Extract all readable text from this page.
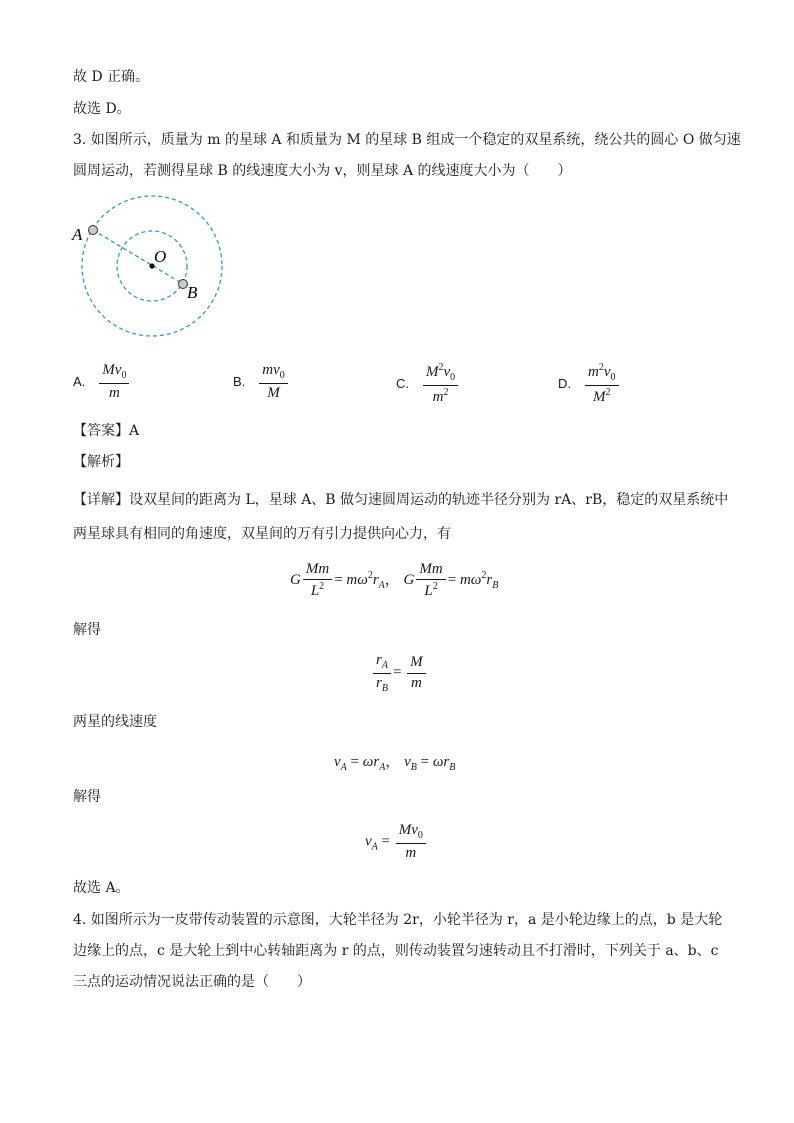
故 D 正确。
故选 D。
3. 如图所示，质量为 m 的星球 A 和质量为 M 的星球 B 组成一个稳定的双星系统，绕公共的圆心 O 做匀速
圆周运动，若测得星球 B 的线速度大小为 v，则星球 A 的线速度大小为（　　）
A
O
B
A. $\frac{Mv_0}{m}$	B. $\frac{mv_0}{M}$	C. $\frac{M^2v_0}{m^2}$	D. $\frac{m^2v_0}{M^2}$
【答案】A
【解析】
【详解】设双星间的距离为 L，星球 A、B 做匀速圆周运动的轨迹半径分别为 rA、rB，稳定的双星系统中
两星球具有相同的角速度，双星间的万有引力提供向心力，有
G $\frac{Mm}{L^2} = m\omega^2r_A$， G $\frac{Mm}{L^2} = m\omega^2r_B$
解得
$\frac{r_A}{r_B} = \frac{M}{m}$
两星的线速度
$v_A = \omega r_A$， $v_B = \omega r_B$
解得
$v_A = \frac{Mv_0}{m}$
故选 A。
4. 如图所示为一皮带传动装置的示意图，大轮半径为 2r，小轮半径为 r，a 是小轮边缘上的点，b 是大轮
边缘上的点，c 是大轮上到中心转轴距离为 r 的点，则传动装置匀速转动且不打滑时，下列关于 a、b、c
三点的运动情况说法正确的是（　　）
